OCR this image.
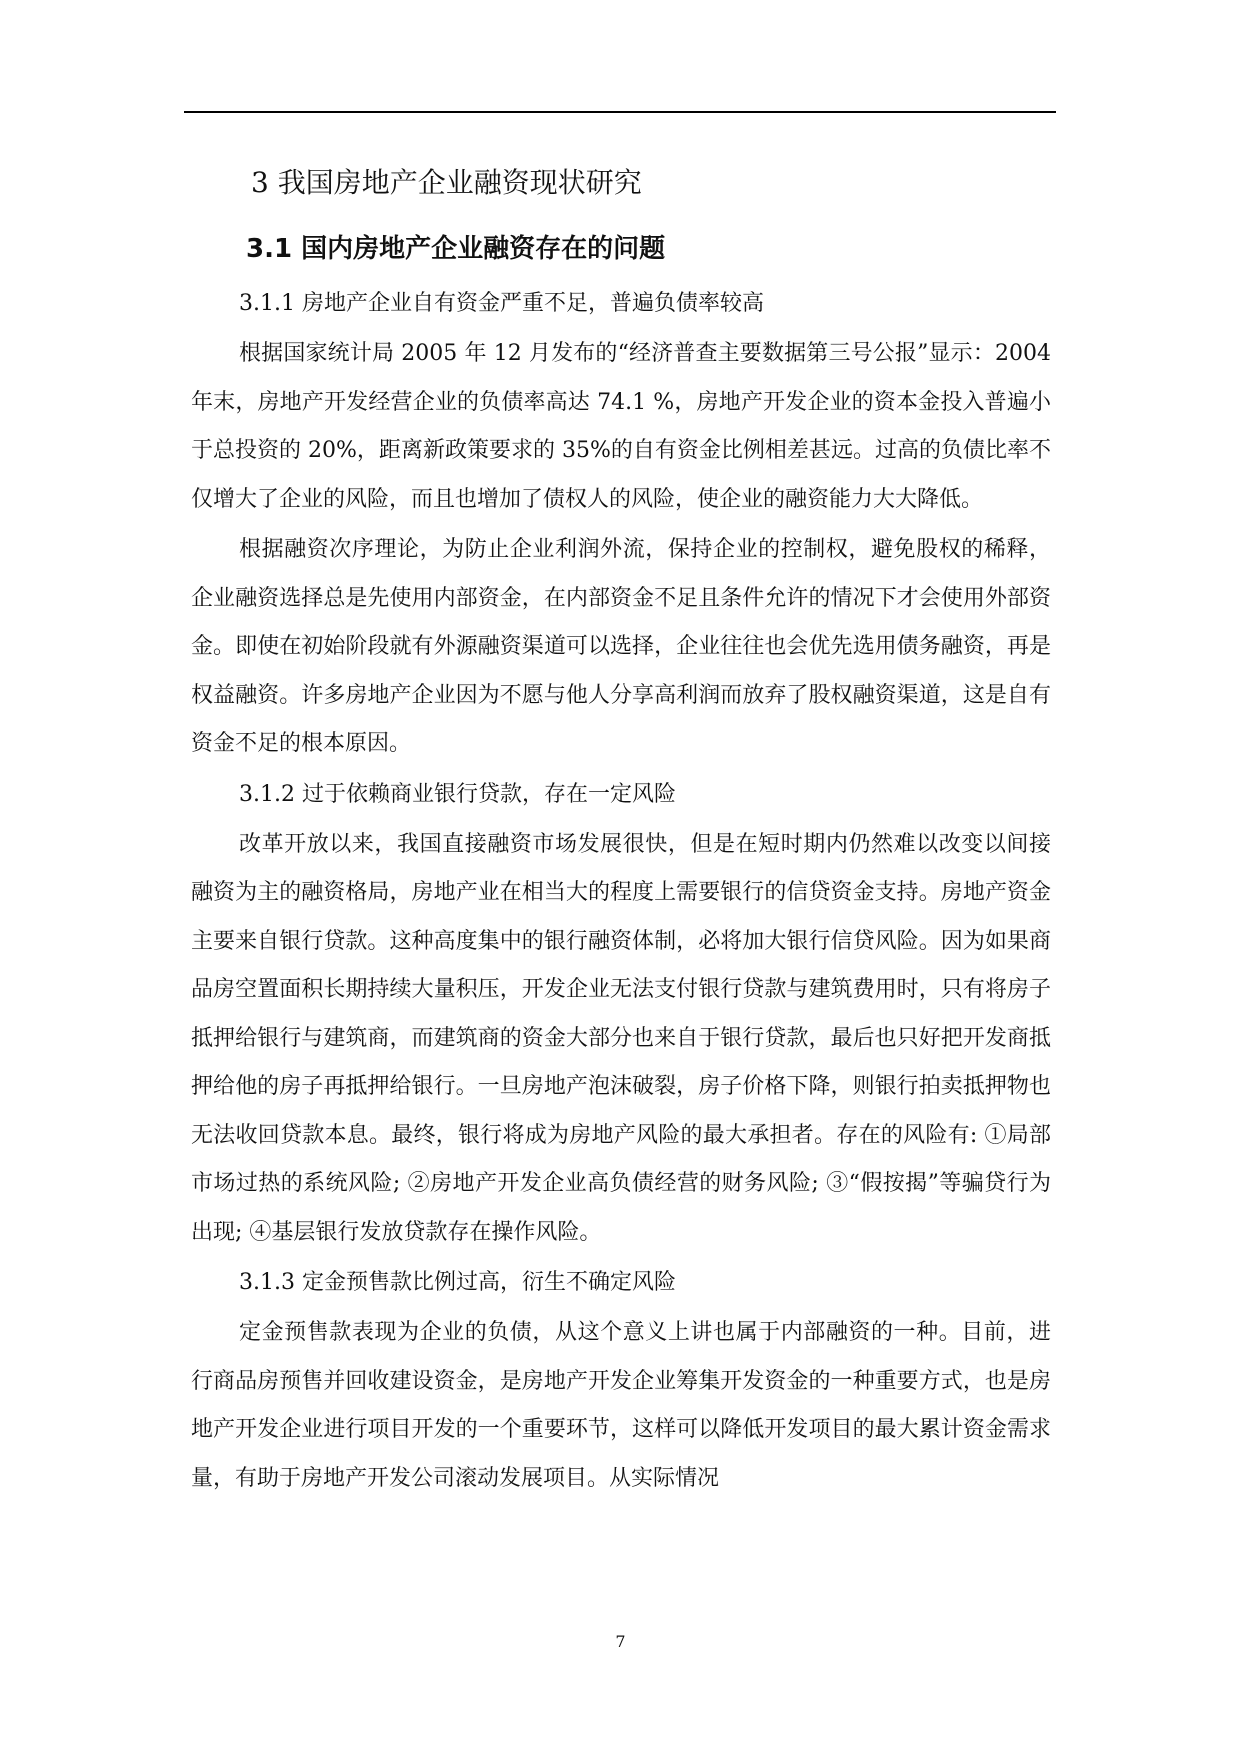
3 我国房地产企业融资现状研究
3.1 国内房地产企业融资存在的问题
3.1.1 房地产企业自有资金严重不足，普遍负债率较高

根据国家统计局 2005 年 12 月发布的“经济普查主要数据第三号公报”显示：2004 年末，房地产开发经营企业的负债率高达 74.1 %，房地产开发企业的资本金投入普遍小于总投资的 20%，距离新政策要求的 35%的自有资金比例相差甚远。过高的负债比率不仅增大了企业的风险，而且也增加了债权人的风险，使企业的融资能力大大降低。

根据融资次序理论，为防止企业利润外流，保持企业的控制权，避免股权的稀释，企业融资选择总是先使用内部资金，在内部资金不足且条件允许的情况下才会使用外部资金。即使在初始阶段就有外源融资渠道可以选择，企业往往也会优先选用债务融资，再是权益融资。许多房地产企业因为不愿与他人分享高利润而放弃了股权融资渠道，这是自有资金不足的根本原因。

3.1.2 过于依赖商业银行贷款，存在一定风险

改革开放以来，我国直接融资市场发展很快，但是在短时期内仍然难以改变以间接融资为主的融资格局，房地产业在相当大的程度上需要银行的信贷资金支持。房地产资金主要来自银行贷款。这种高度集中的银行融资体制，必将加大银行信贷风险。因为如果商品房空置面积长期持续大量积压，开发企业无法支付银行贷款与建筑费用时，只有将房子抵押给银行与建筑商，而建筑商的资金大部分也来自于银行贷款，最后也只好把开发商抵押给他的房子再抵押给银行。一旦房地产泡沫破裂，房子价格下降，则银行拍卖抵押物也无法收回贷款本息。最终，银行将成为房地产风险的最大承担者。存在的风险有: ①局部市场过热的系统风险; ②房地产开发企业高负债经营的财务风险; ③“假按揭”等骗贷行为出现; ④基层银行发放贷款存在操作风险。

3.1.3 定金预售款比例过高，衍生不确定风险

定金预售款表现为企业的负债，从这个意义上讲也属于内部融资的一种。目前，进行商品房预售并回收建设资金，是房地产开发企业筹集开发资金的一种重要方式，也是房地产开发企业进行项目开发的一个重要环节，这样可以降低开发项目的最大累计资金需求量，有助于房地产开发公司滚动发展项目。从实际情况

7
